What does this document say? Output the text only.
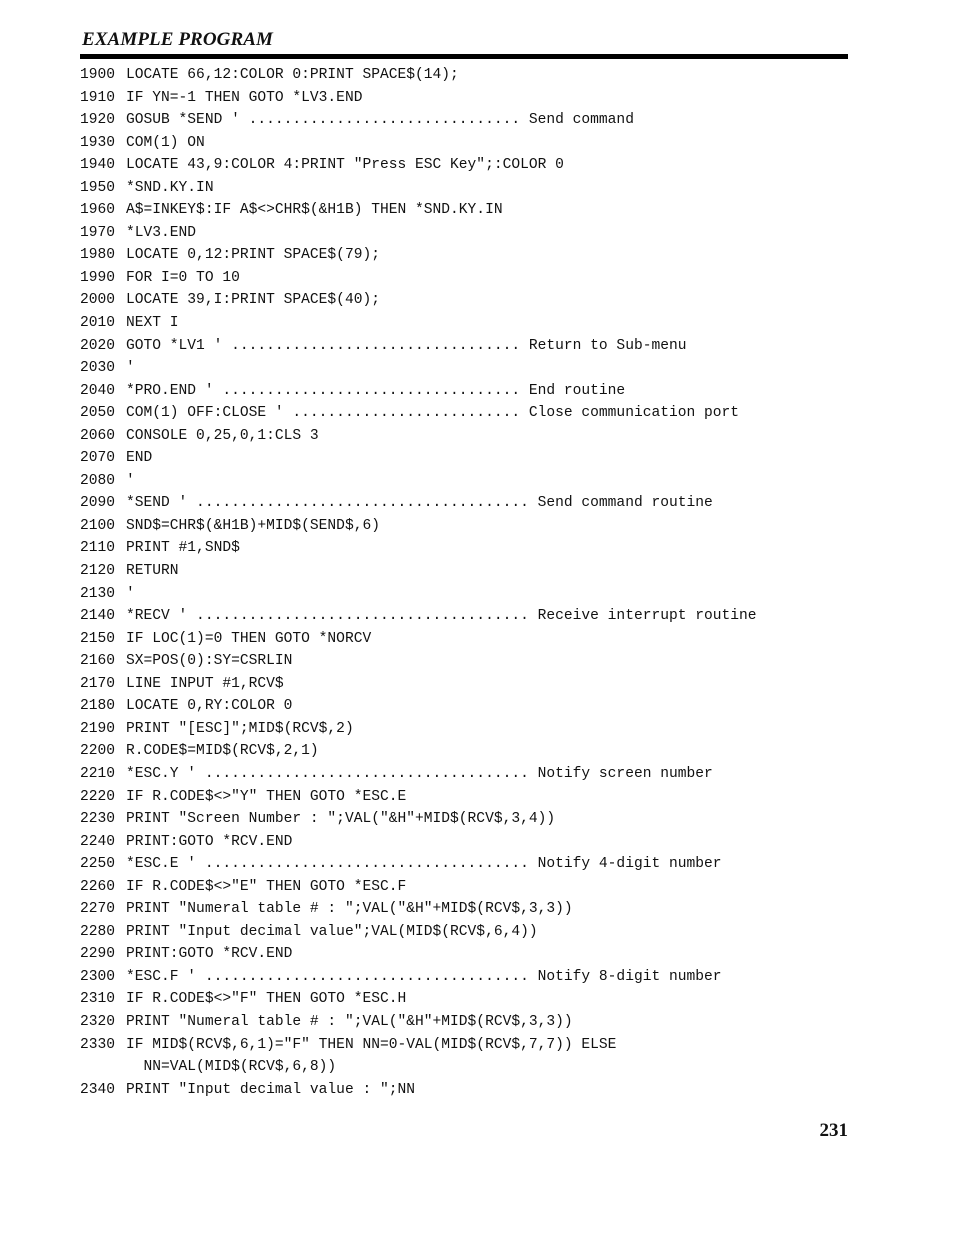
EXAMPLE PROGRAM
1900 LOCATE 66,12:COLOR 0:PRINT SPACE$(14);
1910 IF YN=-1 THEN GOTO *LV3.END
1920 GOSUB *SEND ' ............................... Send command
1930 COM(1) ON
1940 LOCATE 43,9:COLOR 4:PRINT "Press ESC Key";:COLOR 0
1950 *SND.KY.IN
1960 A$=INKEY$:IF A$<>CHR$(&H1B) THEN *SND.KY.IN
1970 *LV3.END
1980 LOCATE 0,12:PRINT SPACE$(79);
1990 FOR I=0 TO 10
2000 LOCATE 39,I:PRINT SPACE$(40);
2010 NEXT I
2020 GOTO *LV1 ' ................................. Return to Sub-menu
2030 '
2040 *PRO.END ' .................................. End routine
2050 COM(1) OFF:CLOSE ' .......................... Close communication port
2060 CONSOLE 0,25,0,1:CLS 3
2070 END
2080 '
2090 *SEND ' ...................................... Send command routine
2100 SND$=CHR$(&H1B)+MID$(SEND$,6)
2110 PRINT #1,SND$
2120 RETURN
2130 '
2140 *RECV ' ...................................... Receive interrupt routine
2150 IF LOC(1)=0 THEN GOTO *NORCV
2160 SX=POS(0):SY=CSRLIN
2170 LINE INPUT #1,RCV$
2180 LOCATE 0,RY:COLOR 0
2190 PRINT "[ESC]";MID$(RCV$,2)
2200 R.CODE$=MID$(RCV$,2,1)
2210 *ESC.Y ' ..................................... Notify screen number
2220 IF R.CODE$<>"Y" THEN GOTO *ESC.E
2230 PRINT "Screen Number : ";VAL("&H"+MID$(RCV$,3,4))
2240 PRINT:GOTO *RCV.END
2250 *ESC.E ' ..................................... Notify 4-digit number
2260 IF R.CODE$<>"E" THEN GOTO *ESC.F
2270 PRINT "Numeral table # : ";VAL("&H"+MID$(RCV$,3,3))
2280 PRINT "Input decimal value";VAL(MID$(RCV$,6,4))
2290 PRINT:GOTO *RCV.END
2300 *ESC.F ' ..................................... Notify 8-digit number
2310 IF R.CODE$<>"F" THEN GOTO *ESC.H
2320 PRINT "Numeral table # : ";VAL("&H"+MID$(RCV$,3,3))
2330 IF MID$(RCV$,6,1)="F" THEN NN=0-VAL(MID$(RCV$,7,7)) ELSE
NN=VAL(MID$(RCV$,6,8))
2340 PRINT "Input decimal value : ";NN

231
